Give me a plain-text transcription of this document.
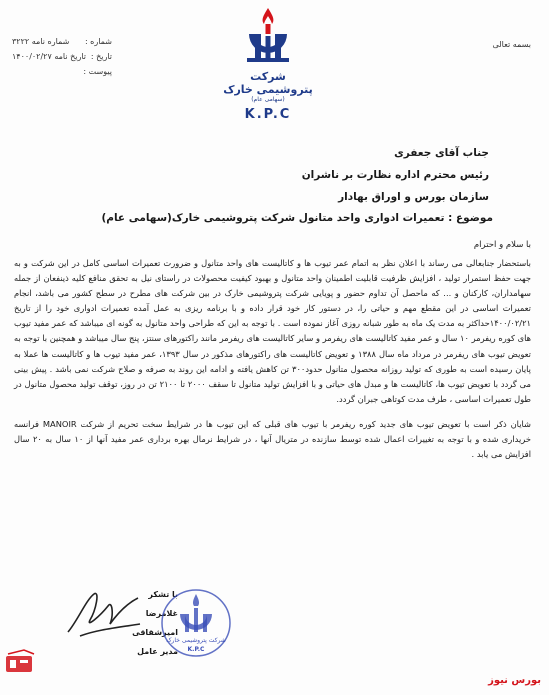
شماره :
۳۲۲۲ شماره نامه
تاریخ :
۱۴۰۰/۰۲/۲۷ تاریخ نامه
پیوست :
بسمه تعالی
شرکت پتروشیمی خارک
(سهامی عام)
K.P.C
جناب آقای جعفری
رئیس محترم اداره نظارت بر ناشران
سازمان بورس و اوراق بهادار
موضوع : تعمیرات ادواری واحد متانول شرکت پتروشیمی خارک(سهامی عام)
با سلام و احترام

باستحضار جنابعالی می رساند با اعلان نظر به اتمام عمر تیوب ها و کاتالیست های واحد متانول و ضرورت تعمیرات اساسی کامل در این شرکت و به جهت حفظ استمرار تولید ، افزایش ظرفیت قابلیت اطمینان واحد متانول و بهبود کیفیت محصولات در راستای نیل به تحقق منافع کلیه ذینفعان از جمله سهامداران، کارکنان و ... که ماحصل آن تداوم حضور و پویایی شرکت پتروشیمی خارک در بین شرکت های مطرح در سطح کشور می باشد، انجام تعمیرات اساسی در این مقطع مهم و حیاتی را، در دستور کار خود قرار داده و با برنامه ریزی به عمل آمده تعمیرات ادواری خود را از تاریخ ۱۴۰۰/۰۲/۲۱حداکثر به مدت یک ماه به طور شبانه روزی آغاز نموده است . با توجه به این که طراحی واحد متانول به گونه ای میباشد که عمر مفید تیوب های کوره ریفرمر ۱۰ سال و عمر مفید کاتالیست های ریفرمر و سایر کاتالیست های ریفرمر مانند راکتورهای سنتز، پنج سال میباشد و همچنین با توجه به تعویض تیوب های ریفرمر در مرداد ماه سال ۱۳۸۸ و تعویض کاتالیست های راکتورهای مذکور در سال ۱۳۹۳، عمر مفید تیوب ها و کاتالیست ها عملا به پایان رسیده است به طوری که تولید روزانه محصول متانول حدود۳۰۰ تن کاهش یافته و ادامه این روند به صرفه و صلاح شرکت نمی باشد . پیش بینی می گردد با تعویض تیوب ها، کاتالیست ها و مبدل های حیاتی و با افزایش تولید متانول تا سقف ۲۰۰۰ تا ۲۱۰۰ تن در روز، توقف تولید محصول متانول در طول تعمیرات اساسی ، طرف مدت کوتاهی جبران گردد.

شایان ذکر است با تعویض تیوب های جدید کوره ریفرمر با تیوب های قبلی که این تیوب ها در شرایط سخت تحریم از شرکت MANOIR فرانسه خریداری شده و با توجه به تغییرات اعمال شده توسط سازنده در متریال آنها ، در شرایط نرمال بهره برداری عمر مفید آنها از ۱۰ سال به ۲۰ سال افزایش می یابد .

با تشکر
غلامرضا امیرشقاقی
مدیر عامل
شرکت پتروشیمی خارک
K.P.C
بورس نیوز
